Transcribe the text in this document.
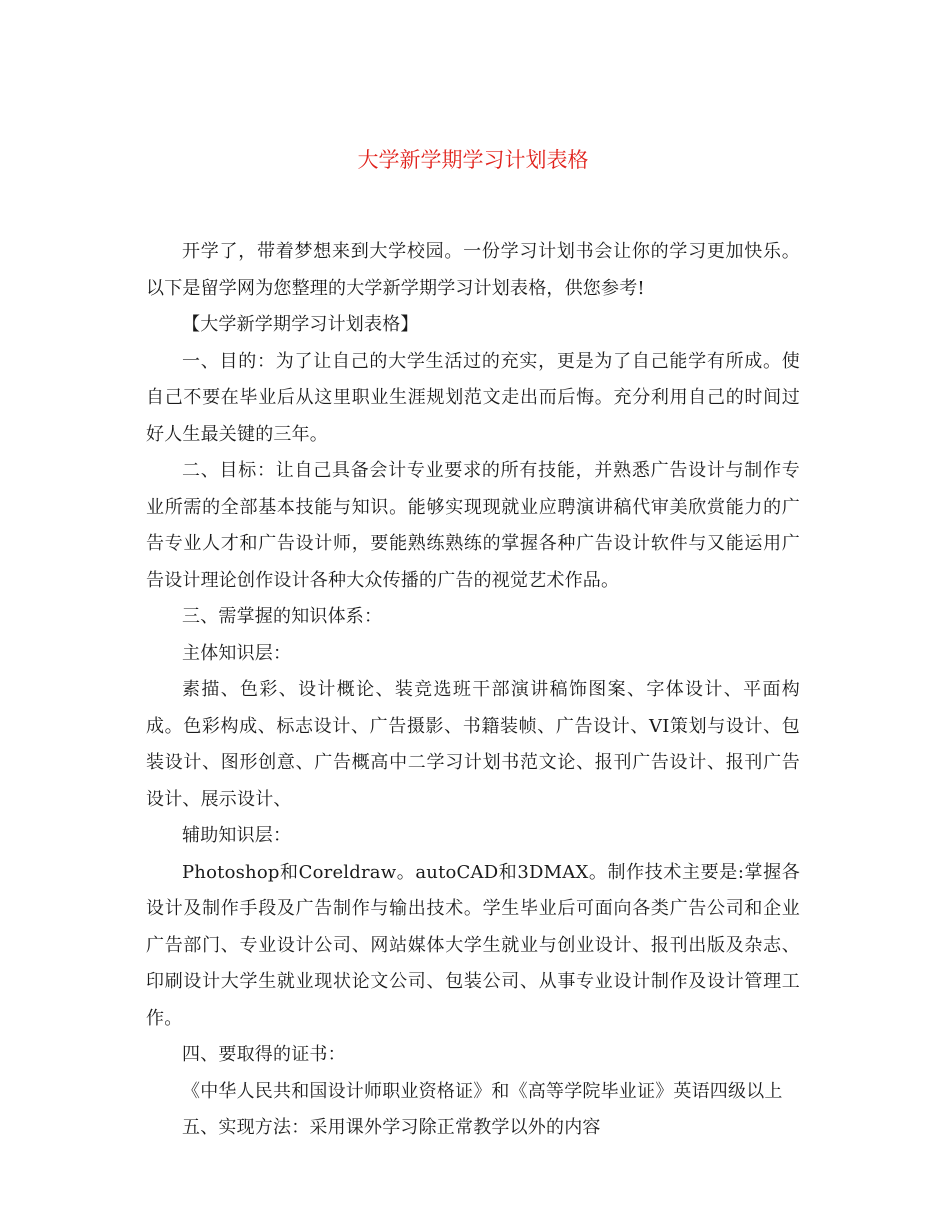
大学新学期学习计划表格

开学了，带着梦想来到大学校园。一份学习计划书会让你的学习更加快乐。以下是留学网为您整理的大学新学期学习计划表格，供您参考!

【大学新学期学习计划表格】

一、目的：为了让自己的大学生活过的充实，更是为了自己能学有所成。使自己不要在毕业后从这里职业生涯规划范文走出而后悔。充分利用自己的时间过好人生最关键的三年。

二、目标：让自己具备会计专业要求的所有技能，并熟悉广告设计与制作专业所需的全部基本技能与知识。能够实现现就业应聘演讲稿代审美欣赏能力的广告专业人才和广告设计师，要能熟练熟练的掌握各种广告设计软件与又能运用广告设计理论创作设计各种大众传播的广告的视觉艺术作品。

三、需掌握的知识体系：

主体知识层：

素描、色彩、设计概论、装竞选班干部演讲稿饰图案、字体设计、平面构成。色彩构成、标志设计、广告摄影、书籍装帧、广告设计、VI策划与设计、包装设计、图形创意、广告概高中二学习计划书范文论、报刊广告设计、报刊广告设计、展示设计、

辅助知识层：

Photoshop和Coreldraw。autoCAD和3DMAX。制作技术主要是:掌握各设计及制作手段及广告制作与输出技术。学生毕业后可面向各类广告公司和企业广告部门、专业设计公司、网站媒体大学生就业与创业设计、报刊出版及杂志、印刷设计大学生就业现状论文公司、包装公司、从事专业设计制作及设计管理工作。

四、要取得的证书：

《中华人民共和国设计师职业资格证》和《高等学院毕业证》英语四级以上

五、实现方法：采用课外学习除正常教学以外的内容
